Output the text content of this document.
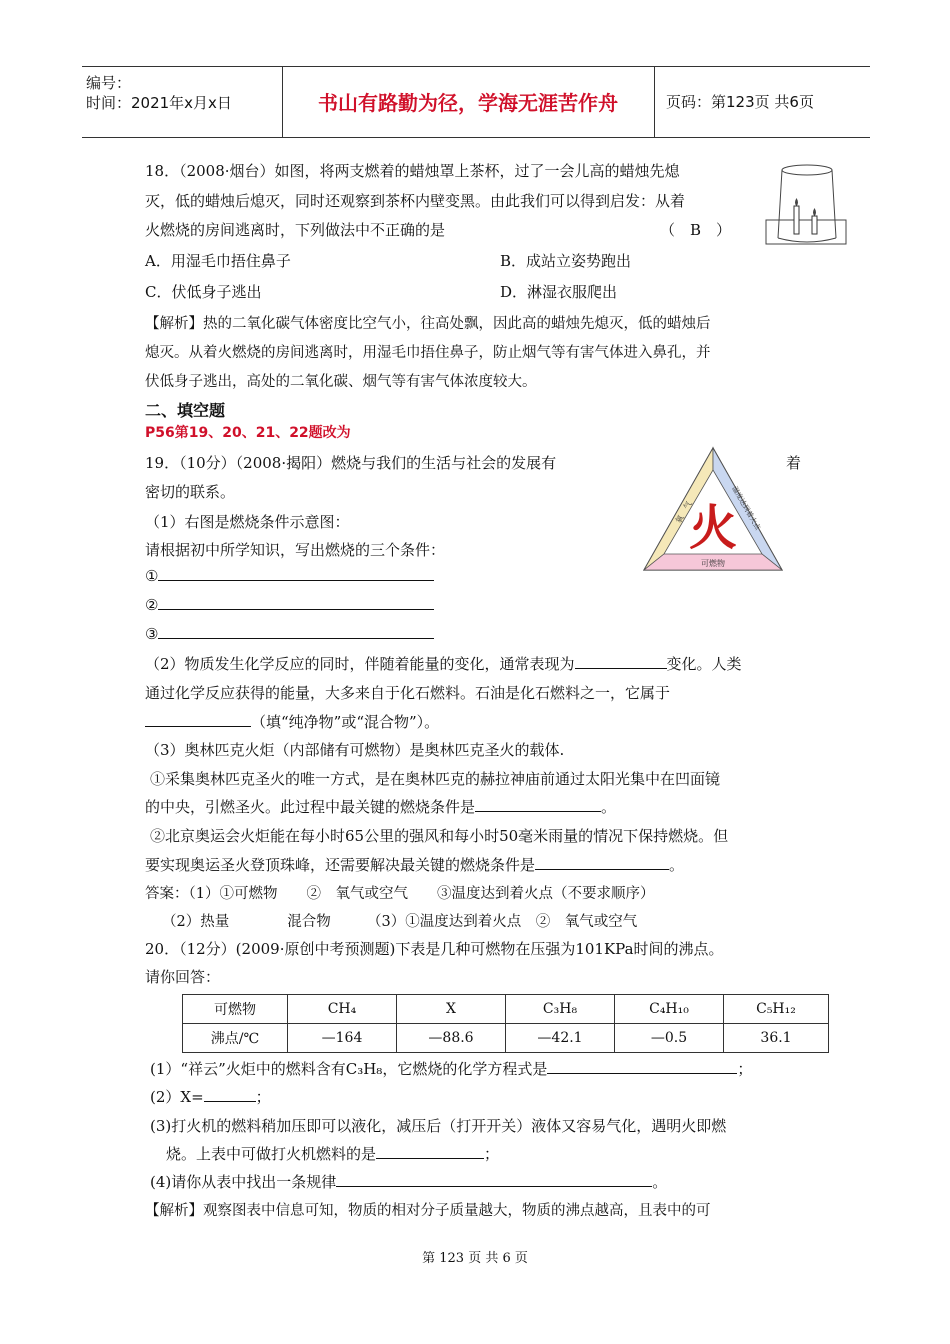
编号：
时间：2021年x月x日	书山有路勤为径，学海无涯苦作舟	页码：第123页 共6页
18．（2008·烟台）如图，将两支燃着的蜡烛罩上茶杯，过了一会儿高的蜡烛先熄
灭，低的蜡烛后熄灭，同时还观察到茶杯内壁变黑。由此我们可以得到启发：从着
火燃烧的房间逃离时，下列做法中不正确的是	（　B　）
A．用湿毛巾捂住鼻子	B．成站立姿势跑出
C．伏低身子逃出	D．淋湿衣服爬出
【解析】热的二氧化碳气体密度比空气小，往高处飘，因此高的蜡烛先熄灭，低的蜡烛后
熄灭。从着火燃烧的房间逃离时，用湿毛巾捂住鼻子，防止烟气等有害气体进入鼻孔，并
伏低身子逃出，高处的二氧化碳、烟气等有害气体浓度较大。
二、填空题
P56第19、20、21、22题改为
19．（10分）（2008·揭阳）燃烧与我们的生活与社会的发展有	着
密切的联系。
（1）右图是燃烧条件示意图：
请根据初中所学知识，写出燃烧的三个条件：
氧　气	温度达到着火点
可燃物
火
①
②
③
（2）物质发生化学反应的同时，伴随着能量的变化，通常表现为	变化。人类
通过化学反应获得的能量，大多来自于化石燃料。石油是化石燃料之一，它属于
（填“纯净物”或“混合物”）。
（3）奥林匹克火炬（内部储有可燃物）是奥林匹克圣火的载体.
①采集奥林匹克圣火的唯一方式，是在奥林匹克的赫拉神庙前通过太阳光集中在凹面镜
的中央，引燃圣火。此过程中最关键的燃烧条件是	。
②北京奥运会火炬能在每小时65公里的强风和每小时50毫米雨量的情况下保持燃烧。但
要实现奥运圣火登顶珠峰，还需要解决最关键的燃烧条件是	。
答案：（1）①可燃物　　②　氧气或空气　　③温度达到着火点（不要求顺序）
（2）热量　　　　混合物　　　（3）①温度达到着火点　②　氧气或空气
20．（12分）(2009·原创中考预测题)下表是几种可燃物在压强为101KPa时间的沸点。
请你回答：
可燃物	CH₄	X	C₃H₈	C₄H₁₀	C₅H₁₂
沸点/℃	—164	—88.6	—42.1	—0.5	36.1
(1）“祥云”火炬中的燃料含有C₃H₈，它燃烧的化学方程式是	；
(2）X=	；
(3)打火机的燃料稍加压即可以液化，减压后（打开开关）液体又容易气化，遇明火即燃
烧。上表中可做打火机燃料的是	；
(4)请你从表中找出一条规律	。
【解析】观察图表中信息可知，物质的相对分子质量越大，物质的沸点越高，且表中的可
第 123 页 共 6 页
